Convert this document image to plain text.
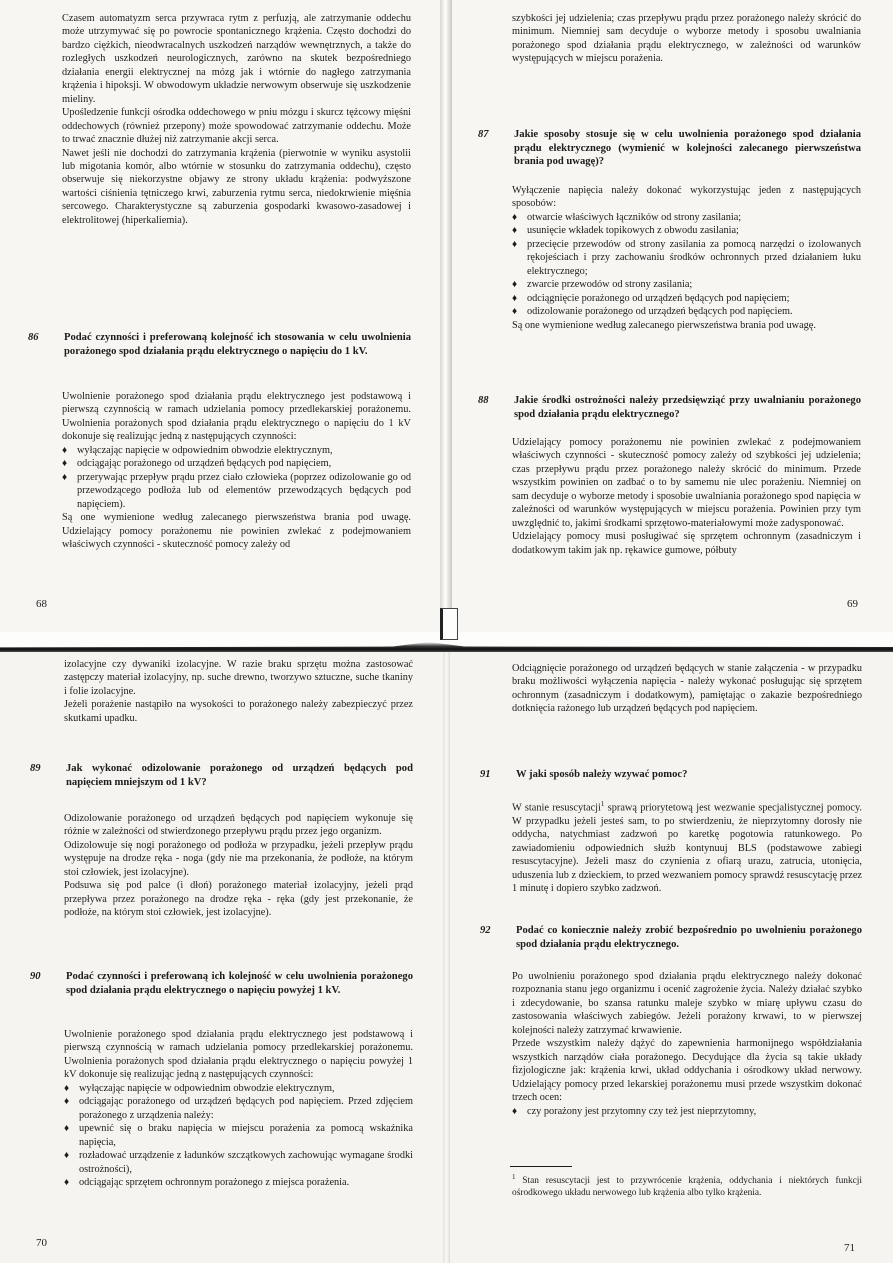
Czasem automatyzm serca przywraca rytm z perfuzją, ale zatrzymanie oddechu może utrzymywać się po powrocie spontanicznego krążenia. Często dochodzi do bardzo ciężkich, nieodwracalnych uszkodzeń narządów wewnętrznych, a także do rozległych uszkodzeń neurologicznych, zarówno na skutek bezpośredniego działania energii elektrycznej na mózg jak i wtórnie do nagłego zatrzymania krążenia i hipoksji. W obwodowym układzie nerwowym obserwuje się uszkodzenie mieliny.

Upośledzenie funkcji ośrodka oddechowego w pniu mózgu i skurcz tężcowy mięśni oddechowych (również przepony) może spowodować zatrzymanie oddechu. Może to trwać znacznie dłużej niż zatrzymanie akcji serca.

Nawet jeśli nie dochodzi do zatrzymania krążenia (pierwotnie w wyniku asystolii lub migotania komór, albo wtórnie w stosunku do zatrzymania oddechu), często obserwuje się niekorzystne objawy ze strony układu krążenia: podwyższone wartości ciśnienia tętniczego krwi, zaburzenia rytmu serca, niedokrwienie mięśnia sercowego. Charakterystyczne są zaburzenia gospodarki kwasowo-zasadowej i elektrolitowej (hiperkaliemia).

86 Podać czynności i preferowaną kolejność ich stosowania w celu uwolnienia porażonego spod działania prądu elektrycznego o napięciu do 1 kV.

Uwolnienie porażonego spod działania prądu elektrycznego jest podstawową i pierwszą czynnością w ramach udzielania pomocy przedlekarskiej porażonemu. Uwolnienia porażonych spod działania prądu elektrycznego o napięciu do 1 kV dokonuje się realizując jedną z następujących czynności:

♦ wyłączając napięcie w odpowiednim obwodzie elektrycznym,
♦ odciągając porażonego od urządzeń będących pod napięciem,
♦ przerywając przepływ prądu przez ciało człowieka (poprzez odizolowanie go od przewodzącego podłoża lub od elementów przewodzących będących pod napięciem).

Są one wymienione według zalecanego pierwszeństwa brania pod uwagę. Udzielający pomocy porażonemu nie powinien zwlekać z podejmowaniem właściwych czynności - skuteczność pomocy zależy od

68

szybkości jej udzielenia; czas przepływu prądu przez porażonego należy skrócić do minimum. Niemniej sam decyduje o wyborze metody i sposobu uwalniania porażonego spod działania prądu elektrycznego, w zależności od warunków występujących w miejscu porażenia.

87 Jakie sposoby stosuje się w celu uwolnienia porażonego spod działania prądu elektrycznego (wymienić w kolejności zalecanego pierwszeństwa brania pod uwagę)?

Wyłączenie napięcia należy dokonać wykorzystując jeden z następujących sposobów:

♦ otwarcie właściwych łączników od strony zasilania;
♦ usunięcie wkładek topikowych z obwodu zasilania;
♦ przecięcie przewodów od strony zasilania za pomocą narzędzi o izolowanych rękojeściach i przy zachowaniu środków ochronnych przed działaniem łuku elektrycznego;
♦ zwarcie przewodów od strony zasilania;
♦ odciągnięcie porażonego od urządzeń będących pod napięciem;
♦ odizolowanie porażonego od urządzeń będących pod napięciem.

Są one wymienione według zalecanego pierwszeństwa brania pod uwagę.

88 Jakie środki ostrożności należy przedsięwziąć przy uwalnianiu porażonego spod działania prądu elektrycznego?

Udzielający pomocy porażonemu nie powinien zwlekać z podejmowaniem właściwych czynności - skuteczność pomocy zależy od szybkości jej udzielenia; czas przepływu prądu przez porażonego należy skrócić do minimum. Przede wszystkim powinien on zadbać o to by samemu nie ulec porażeniu. Niemniej on sam decyduje o wyborze metody i sposobie uwalniania porażonego spod napięcia w zależności od warunków występujących w miejscu porażenia. Powinien przy tym uwzględnić to, jakimi środkami sprzętowo-materiałowymi może zadysponować.

Udzielający pomocy musi posługiwać się sprzętem ochronnym (zasadniczym i dodatkowym takim jak np. rękawice gumowe, półbuty

69

izolacyjne czy dywaniki izolacyjne. W razie braku sprzętu można zastosować zastępczy materiał izolacyjny, np. suche drewno, tworzywo sztuczne, suche tkaniny i folie izolacyjne.

Jeżeli porażenie nastąpiło na wysokości to porażonego należy zabezpieczyć przez skutkami upadku.

89 Jak wykonać odizolowanie porażonego od urządzeń będących pod napięciem mniejszym od 1 kV?

Odizolowanie porażonego od urządzeń będących pod napięciem wykonuje się różnie w zależności od stwierdzonego przepływu prądu przez jego organizm.

Odizolowuje się nogi porażonego od podłoża w przypadku, jeżeli przepływ prądu występuje na drodze ręka - noga (gdy nie ma przekonania, że podłoże, na którym stoi człowiek, jest izolacyjne).

Podsuwa się pod palce (i dłoń) porażonego materiał izolacyjny, jeżeli prąd przepływa przez porażonego na drodze ręka - ręka (gdy jest przekonanie, że podłoże, na którym stoi człowiek, jest izolacyjne).

90 Podać czynności i preferowaną ich kolejność w celu uwolnienia porażonego spod działania prądu elektrycznego o napięciu powyżej 1 kV.

Uwolnienie porażonego spod działania prądu elektrycznego jest podstawową i pierwszą czynnością w ramach udzielania pomocy przedlekarskiej porażonemu. Uwolnienia porażonych spod działania prądu elektrycznego o napięciu powyżej 1 kV dokonuje się realizując jedną z następujących czynności:

♦ wyłączając napięcie w odpowiednim obwodzie elektrycznym,
♦ odciągając porażonego od urządzeń będących pod napięciem. Przed zdjęciem porażonego z urządzenia należy:
♦ upewnić się o braku napięcia w miejscu porażenia za pomocą wskaźnika napięcia,
♦ rozładować urządzenie z ładunków szczątkowych zachowując wymagane środki ostrożności),
♦ odciągając sprzętem ochronnym porażonego z miejsca porażenia.
70

Odciągnięcie porażonego od urządzeń będących w stanie załączenia - w przypadku braku możliwości wyłączenia napięcia - należy wykonać posługując się sprzętem ochronnym (zasadniczym i dodatkowym), pamiętając o zakazie bezpośredniego dotknięcia rażonego lub urządzeń będących pod napięciem.

91 W jaki sposób należy wzywać pomoc?

W stanie resuscytacji$^1$ sprawą priorytetową jest wezwanie specjalistycznej pomocy. W przypadku jeżeli jesteś sam, to po stwierdzeniu, że nieprzytomny dorosły nie oddycha, natychmiast zadzwoń po karetkę pogotowia ratunkowego. Po zawiadomieniu odpowiednich służb kontynuuj BLS (podstawowe zabiegi resuscytacyjne). Jeżeli masz do czynienia z ofiarą urazu, zatrucia, utonięcia, uduszenia lub z dzieckiem, to przed wezwaniem pomocy sprawdź resuscytację przez 1 minutę i dopiero szybko zadzwoń.

92 Podać co koniecznie należy zrobić bezpośrednio po uwolnieniu porażonego spod działania prądu elektrycznego.

Po uwolnieniu porażonego spod działania prądu elektrycznego należy dokonać rozpoznania stanu jego organizmu i ocenić zagrożenie życia. Należy działać szybko i zdecydowanie, bo szansa ratunku maleje szybko w miarę upływu czasu do zastosowania właściwych zabiegów. Jeżeli porażony krwawi, to w pierwszej kolejności należy zatrzymać krwawienie.

Przede wszystkim należy dążyć do zapewnienia harmonijnego współdziałania wszystkich narządów ciała porażonego. Decydujące dla życia są takie układy fizjologiczne jak: krążenia krwi, układ oddychania i ośrodkowy układ nerwowy. Udzielający pomocy przed lekarskiej porażonemu musi przede wszystkim dokonać trzech ocen:

♦ czy porażony jest przytomny czy też jest nieprzytomny,
$^1$ Stan resuscytacji jest to przywrócenie krążenia, oddychania i niektórych funkcji ośrodkowego układu nerwowego lub krążenia albo tylko krążenia.
71
